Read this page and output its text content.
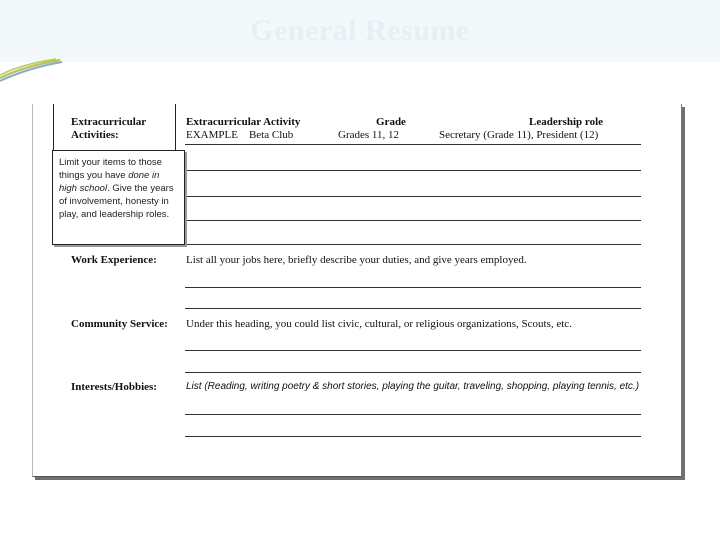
General Resume
Extracurricular
Activities:
Extracurricular Activity	Grade	Leadership role
EXAMPLE    Beta Club	Grades 11, 12	Secretary (Grade 11), President (12)
Limit your items to those things you have done in high school. Give the years of involvement, honesty in play, and leadership roles.
Work Experience:	List all your jobs here, briefly describe your duties, and give years employed.
Community Service: Under this heading, you could list civic, cultural, or religious organizations, Scouts, etc.
Interests/Hobbies:	List (Reading, writing poetry & short stories, playing the guitar, traveling, shopping, playing tennis, etc.)
